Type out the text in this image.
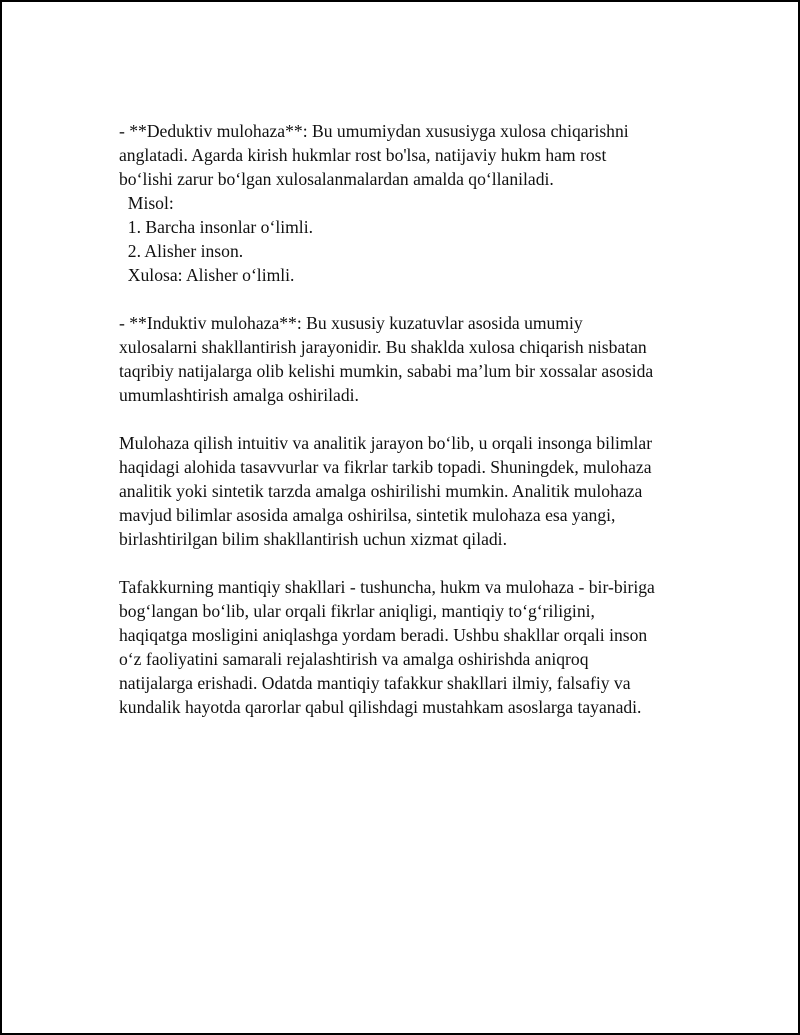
- **Deduktiv mulohaza**: Bu umumiydan xususiyga xulosa chiqarishni
anglatadi. Agarda kirish hukmlar rost bo'lsa, natijaviy hukm ham rost
bo‘lishi zarur bo‘lgan xulosalanmalardan amalda qo‘llaniladi.
Misol:
1. Barcha insonlar o‘limli.
2. Alisher inson.
Xulosa: Alisher o‘limli.
- **Induktiv mulohaza**: Bu xususiy kuzatuvlar asosida umumiy
xulosalarni shakllantirish jarayonidir. Bu shaklda xulosa chiqarish nisbatan
taqribiy natijalarga olib kelishi mumkin, sababi ma’lum bir xossalar asosida
umumlashtirish amalga oshiriladi.
Mulohaza qilish intuitiv va analitik jarayon bo‘lib, u orqali insonga bilimlar
haqidagi alohida tasavvurlar va fikrlar tarkib topadi. Shuningdek, mulohaza
analitik yoki sintetik tarzda amalga oshirilishi mumkin. Analitik mulohaza
mavjud bilimlar asosida amalga oshirilsa, sintetik mulohaza esa yangi,
birlashtirilgan bilim shakllantirish uchun xizmat qiladi.
Tafakkurning mantiqiy shakllari - tushuncha, hukm va mulohaza - bir-biriga
bog‘langan bo‘lib, ular orqali fikrlar aniqligi, mantiqiy to‘g‘riligini,
haqiqatga mosligini aniqlashga yordam beradi. Ushbu shakllar orqali inson
o‘z faoliyatini samarali rejalashtirish va amalga oshirishda aniqroq
natijalarga erishadi. Odatda mantiqiy tafakkur shakllari ilmiy, falsafiy va
kundalik hayotda qarorlar qabul qilishdagi mustahkam asoslarga tayanadi.
